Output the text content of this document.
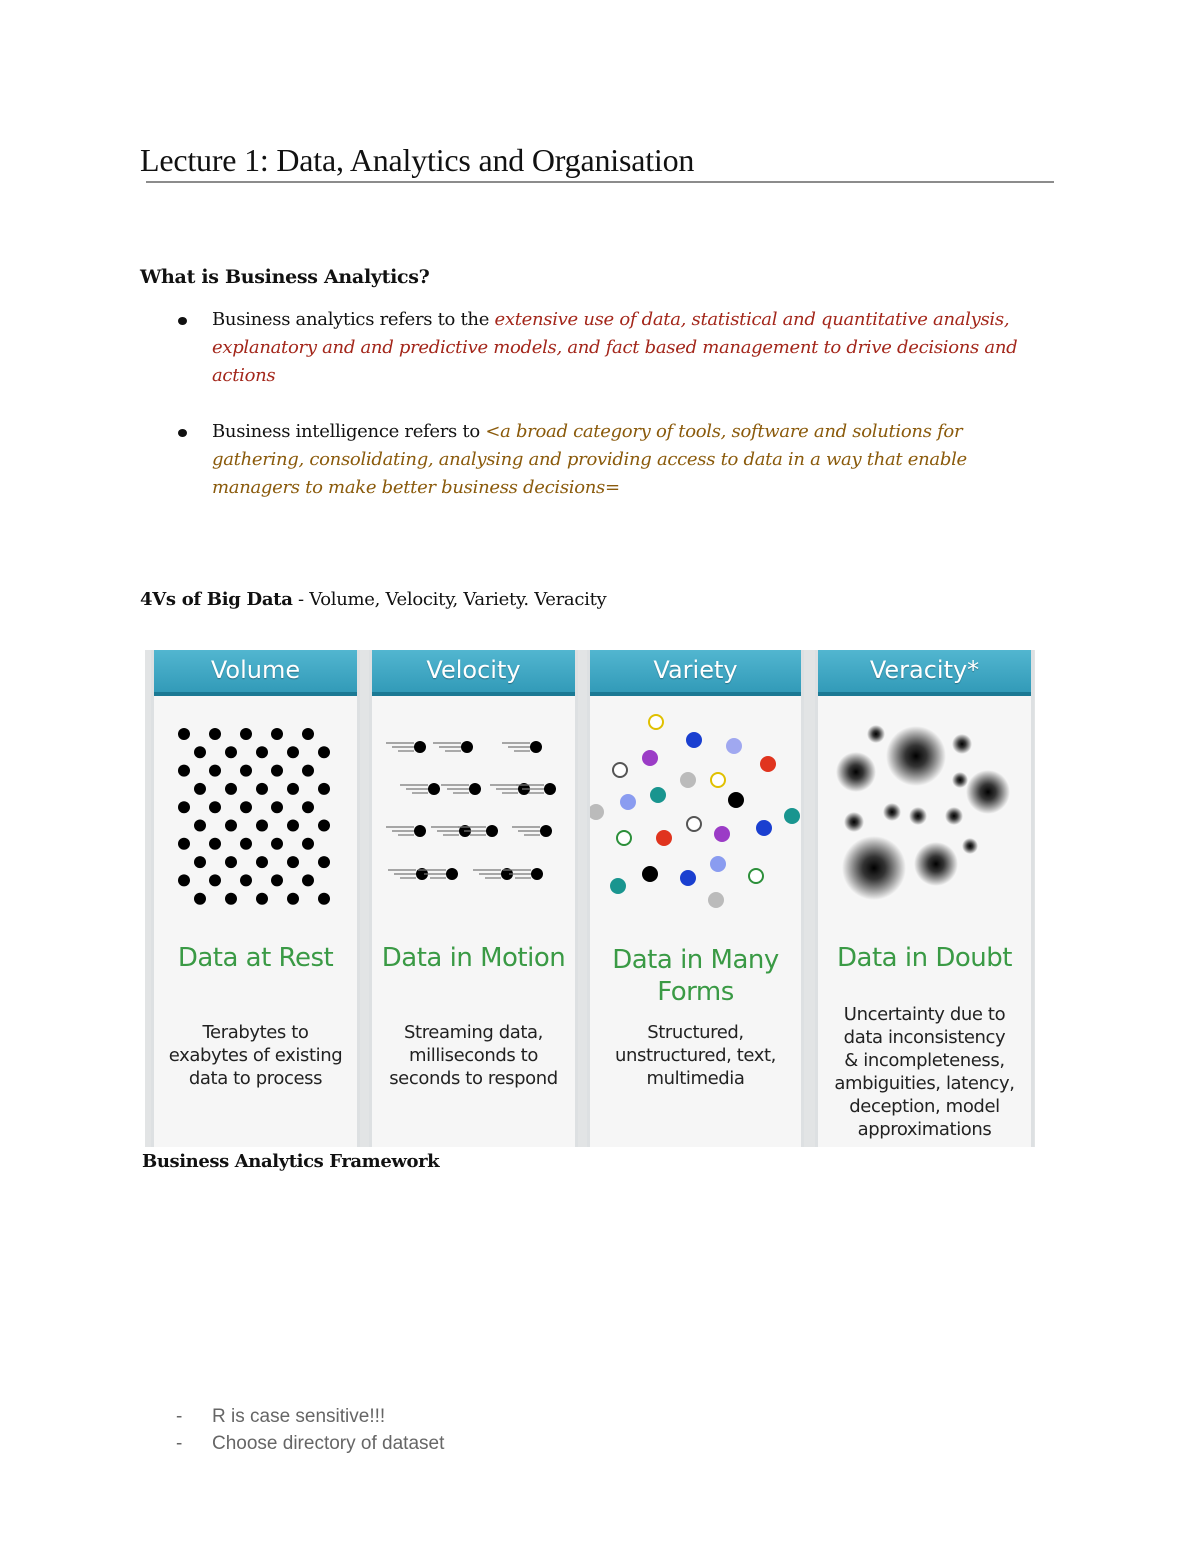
Lecture 1: Data, Analytics and Organisation
What is Business Analytics?
Business analytics refers to the extensive use of data, statistical and quantitative analysis, explanatory and and predictive models, and fact based management to drive decisions and actions
Business intelligence refers to <a broad category of tools, software and solutions for gathering, consolidating, analysing and providing access to data in a way that enable managers to make better business decisions=
4Vs of Big Data - Volume, Velocity, Variety. Veracity
Volume
Data at Rest
Terabytes to
exabytes of existing
data to process
Velocity
Data in Motion
Streaming data,
milliseconds to
seconds to respond
Variety
Data in Many
Forms
Structured,
unstructured, text,
multimedia
Veracity*
Data in Doubt
Uncertainty due to
data inconsistency
& incompleteness,
ambiguities, latency,
deception, model
approximations
Business Analytics Framework
- R is case sensitive!!!
- Choose directory of dataset
